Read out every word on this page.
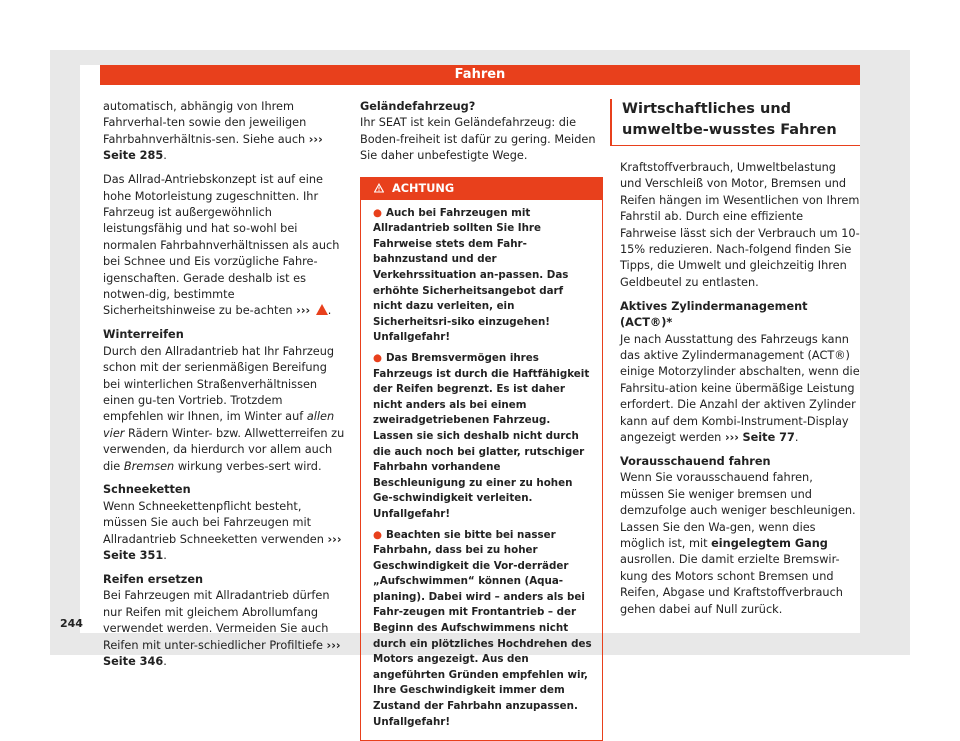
Fahren

automatisch, abhängig von Ihrem Fahrverhal-ten sowie den jeweiligen Fahrbahnverhältnis-sen. Siehe auch ››› Seite 285.

Das Allrad-Antriebskonzept ist auf eine hohe Motorleistung zugeschnitten. Ihr Fahrzeug ist außergewöhnlich leistungsfähig und hat so-wohl bei normalen Fahrbahnverhältnissen als auch bei Schnee und Eis vorzügliche Fahre-igenschaften. Gerade deshalb ist es notwen-dig, bestimmte Sicherheitshinweise zu be-achten ››› .

Winterreifen

Durch den Allradantrieb hat Ihr Fahrzeug schon mit der serienmäßigen Bereifung bei winterlichen Straßenverhältnissen einen gu-ten Vortrieb. Trotzdem empfehlen wir Ihnen, im Winter auf allen vier Rädern Winter- bzw. Allwetterreifen zu verwenden, da hierdurch vor allem auch die Bremsen wirkung verbes-sert wird.

Schneeketten

Wenn Schneekettenpflicht besteht, müssen Sie auch bei Fahrzeugen mit Allradantrieb Schneeketten verwenden ››› Seite 351.

Reifen ersetzen

Bei Fahrzeugen mit Allradantrieb dürfen nur Reifen mit gleichem Abrollumfang verwendet werden. Vermeiden Sie auch Reifen mit unter-schiedlicher Profiltiefe ››› Seite 346.

Geländefahrzeug?

Ihr SEAT ist kein Geländefahrzeug: die Boden-freiheit ist dafür zu gering. Meiden Sie daher unbefestigte Wege.

ACHTUNG

● Auch bei Fahrzeugen mit Allradantrieb sollten Sie Ihre Fahrweise stets dem Fahr-bahnzustand und der Verkehrssituation an-passen. Das erhöhte Sicherheitsangebot darf nicht dazu verleiten, ein Sicherheitsri-siko einzugehen! Unfallgefahr!

● Das Bremsvermögen ihres Fahrzeugs ist durch die Haftfähigkeit der Reifen begrenzt. Es ist daher nicht anders als bei einem zweiradgetriebenen Fahrzeug. Lassen sie sich deshalb nicht durch die auch noch bei glatter, rutschiger Fahrbahn vorhandene Beschleunigung zu einer zu hohen Ge-schwindigkeit verleiten. Unfallgefahr!

● Beachten sie bitte bei nasser Fahrbahn, dass bei zu hoher Geschwindigkeit die Vor-derräder „Aufschwimmen“ können (Aqua-planing). Dabei wird – anders als bei Fahr-zeugen mit Frontantrieb – der Beginn des Aufschwimmens nicht durch ein plötzliches Hochdrehen des Motors angezeigt. Aus den angeführten Gründen empfehlen wir, Ihre Geschwindigkeit immer dem Zustand der Fahrbahn anzupassen. Unfallgefahr!

Wirtschaftliches und umweltbe-wusstes Fahren

Kraftstoffverbrauch, Umweltbelastung und Verschleiß von Motor, Bremsen und Reifen hängen im Wesentlichen von Ihrem Fahrstil ab. Durch eine effiziente Fahrweise lässt sich der Verbrauch um 10-15% reduzieren. Nach-folgend finden Sie Tipps, die Umwelt und gleichzeitig Ihren Geldbeutel zu entlasten.

Aktives Zylindermanagement (ACT®)*

Je nach Ausstattung des Fahrzeugs kann das aktive Zylindermanagement (ACT®) einige Motorzylinder abschalten, wenn die Fahrsitu-ation keine übermäßige Leistung erfordert. Die Anzahl der aktiven Zylinder kann auf dem Kombi-Instrument-Display angezeigt werden ››› Seite 77.

Vorausschauend fahren

Wenn Sie vorausschauend fahren, müssen Sie weniger bremsen und demzufolge auch weniger beschleunigen. Lassen Sie den Wa-gen, wenn dies möglich ist, mit eingelegtem Gang ausrollen. Die damit erzielte Bremswir-kung des Motors schont Bremsen und Reifen, Abgase und Kraftstoffverbrauch gehen dabei auf Null zurück.

244
